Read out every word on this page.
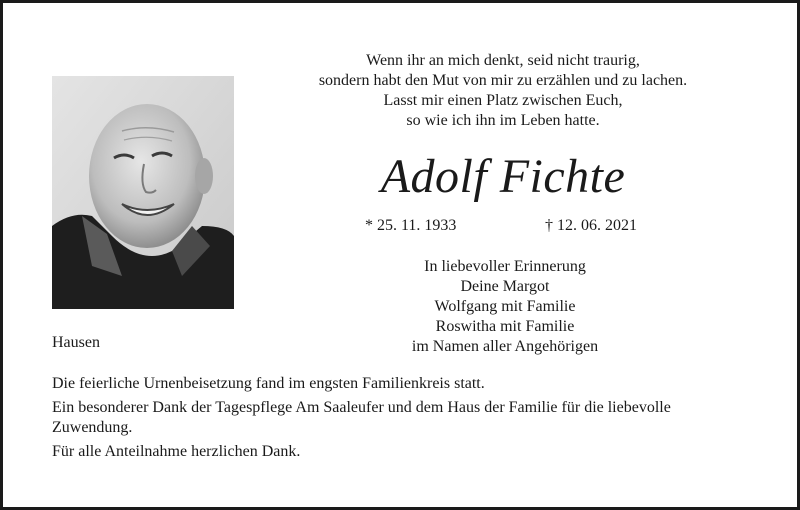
Hausen
Wenn ihr an mich denkt, seid nicht traurig,
sondern habt den Mut von mir zu erzählen und zu lachen.
Lasst mir einen Platz zwischen Euch,
so wie ich ihn im Leben hatte.
Adolf Fichte
* 25. 11. 1933	† 12. 06. 2021
In liebevoller Erinnerung
Deine Margot
Wolfgang mit Familie
Roswitha mit Familie
im Namen aller Angehörigen

Die feierliche Urnenbeisetzung fand im engsten Familienkreis statt.

Ein besonderer Dank der Tagespflege Am Saaleufer und dem Haus der Familie für die liebevolle Zuwendung.

Für alle Anteilnahme herzlichen Dank.
